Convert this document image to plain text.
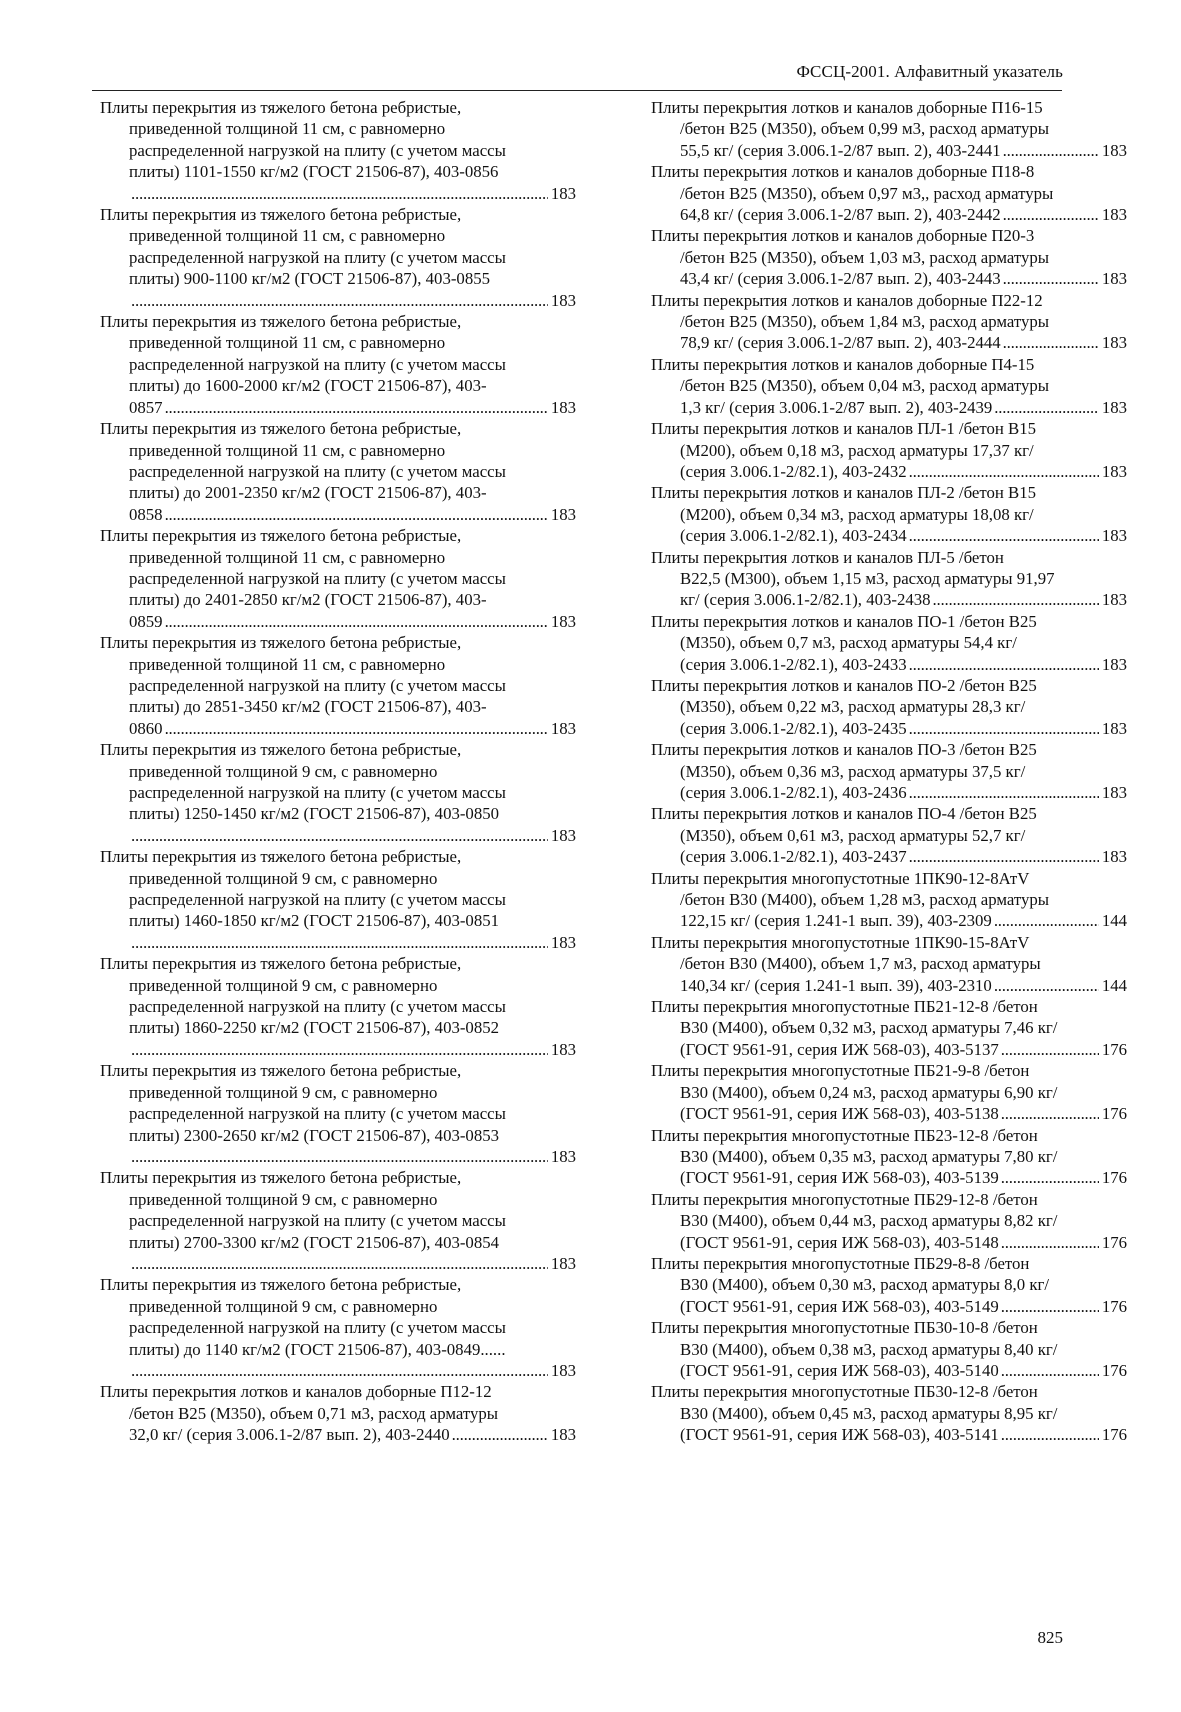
ФССЦ-2001. Алфавитный указатель
Плиты перекрытия из тяжелого бетона ребристые,
приведенной толщиной 11 см, с равномерно
распределенной нагрузкой на плиту (с учетом массы
плиты) 1101-1550 кг/м2 (ГОСТ 21506-87), 403-0856
. . .
183
Плиты перекрытия из тяжелого бетона ребристые,
приведенной толщиной 11 см, с равномерно
распределенной нагрузкой на плиту (с учетом массы
плиты) 900-1100 кг/м2 (ГОСТ 21506-87), 403-0855
. . .
183
Плиты перекрытия из тяжелого бетона ребристые,
приведенной толщиной 11 см, с равномерно
распределенной нагрузкой на плиту (с учетом массы
плиты) до 1600-2000 кг/м2 (ГОСТ 21506-87), 403-
0857 . . .	183
Плиты перекрытия из тяжелого бетона ребристые,
приведенной толщиной 11 см, с равномерно
распределенной нагрузкой на плиту (с учетом массы
плиты) до 2001-2350 кг/м2 (ГОСТ 21506-87), 403-
0858 . . .	183
Плиты перекрытия из тяжелого бетона ребристые,
приведенной толщиной 11 см, с равномерно
распределенной нагрузкой на плиту (с учетом массы
плиты) до 2401-2850 кг/м2 (ГОСТ 21506-87), 403-
0859 . . .	183
Плиты перекрытия из тяжелого бетона ребристые,
приведенной толщиной 11 см, с равномерно
распределенной нагрузкой на плиту (с учетом массы
плиты) до 2851-3450 кг/м2 (ГОСТ 21506-87), 403-
0860 . . .	183
Плиты перекрытия из тяжелого бетона ребристые,
приведенной толщиной 9 см, с равномерно
распределенной нагрузкой на плиту (с учетом массы
плиты) 1250-1450 кг/м2 (ГОСТ 21506-87), 403-0850
. . .
183
Плиты перекрытия из тяжелого бетона ребристые,
приведенной толщиной 9 см, с равномерно
распределенной нагрузкой на плиту (с учетом массы
плиты) 1460-1850 кг/м2 (ГОСТ 21506-87), 403-0851
. . .
183
Плиты перекрытия из тяжелого бетона ребристые,
приведенной толщиной 9 см, с равномерно
распределенной нагрузкой на плиту (с учетом массы
плиты) 1860-2250 кг/м2 (ГОСТ 21506-87), 403-0852
. . .
183
Плиты перекрытия из тяжелого бетона ребристые,
приведенной толщиной 9 см, с равномерно
распределенной нагрузкой на плиту (с учетом массы
плиты) 2300-2650 кг/м2 (ГОСТ 21506-87), 403-0853
. . .
183
Плиты перекрытия из тяжелого бетона ребристые,
приведенной толщиной 9 см, с равномерно
распределенной нагрузкой на плиту (с учетом массы
плиты) 2700-3300 кг/м2 (ГОСТ 21506-87), 403-0854
. . .
183
Плиты перекрытия из тяжелого бетона ребристые,
приведенной толщиной 9 см, с равномерно
распределенной нагрузкой на плиту (с учетом массы
плиты) до 1140 кг/м2 (ГОСТ 21506-87), 403-0849......
. . .
183
Плиты перекрытия лотков и каналов доборные П12-12
/бетон В25 (М350), объем 0,71 м3, расход арматуры
32,0 кг/ (серия 3.006.1-2/87 вып. 2), 403-2440 . . .	183
Плиты перекрытия лотков и каналов доборные П16-15
/бетон В25 (М350), объем 0,99 м3, расход арматуры
55,5 кг/ (серия 3.006.1-2/87 вып. 2), 403-2441 . . .	183
Плиты перекрытия лотков и каналов доборные П18-8
/бетон В25 (М350), объем 0,97 м3,, расход арматуры
64,8 кг/ (серия 3.006.1-2/87 вып. 2), 403-2442 . . .	183
Плиты перекрытия лотков и каналов доборные П20-3
/бетон В25 (М350), объем 1,03 м3, расход арматуры
43,4 кг/ (серия 3.006.1-2/87 вып. 2), 403-2443 . . .	183
Плиты перекрытия лотков и каналов доборные П22-12
/бетон В25 (М350), объем 1,84 м3, расход арматуры
78,9 кг/ (серия 3.006.1-2/87 вып. 2), 403-2444 . . .	183
Плиты перекрытия лотков и каналов доборные П4-15
/бетон В25 (М350), объем 0,04 м3, расход арматуры
1,3 кг/ (серия 3.006.1-2/87 вып. 2), 403-2439 . . .	183
Плиты перекрытия лотков и каналов ПЛ-1 /бетон В15
(М200), объем 0,18 м3, расход арматуры 17,37 кг/
(серия 3.006.1-2/82.1), 403-2432 . . .	183
Плиты перекрытия лотков и каналов ПЛ-2 /бетон В15
(М200), объем 0,34 м3, расход арматуры 18,08 кг/
(серия 3.006.1-2/82.1), 403-2434 . . .	183
Плиты перекрытия лотков и каналов ПЛ-5 /бетон
В22,5 (М300), объем 1,15 м3, расход арматуры 91,97
кг/ (серия 3.006.1-2/82.1), 403-2438 . . .	183
Плиты перекрытия лотков и каналов ПО-1 /бетон В25
(М350), объем 0,7 м3, расход арматуры 54,4 кг/
(серия 3.006.1-2/82.1), 403-2433 . . .	183
Плиты перекрытия лотков и каналов ПО-2 /бетон В25
(М350), объем 0,22 м3, расход арматуры 28,3 кг/
(серия 3.006.1-2/82.1), 403-2435 . . .	183
Плиты перекрытия лотков и каналов ПО-3 /бетон В25
(М350), объем 0,36 м3, расход арматуры 37,5 кг/
(серия 3.006.1-2/82.1), 403-2436 . . .	183
Плиты перекрытия лотков и каналов ПО-4 /бетон В25
(М350), объем 0,61 м3, расход арматуры 52,7 кг/
(серия 3.006.1-2/82.1), 403-2437 . . .	183
Плиты перекрытия многопустотные 1ПК90-12-8АтV
/бетон В30 (М400), объем 1,28 м3, расход арматуры
122,15 кг/ (серия 1.241-1 вып. 39), 403-2309 . . .	144
Плиты перекрытия многопустотные 1ПК90-15-8АтV
/бетон В30 (М400), объем 1,7 м3, расход арматуры
140,34 кг/ (серия 1.241-1 вып. 39), 403-2310 . . .	144
Плиты перекрытия многопустотные ПБ21-12-8 /бетон
В30 (М400), объем 0,32 м3, расход арматуры 7,46 кг/
(ГОСТ 9561-91, серия ИЖ 568-03), 403-5137 . . .	176
Плиты перекрытия многопустотные ПБ21-9-8 /бетон
В30 (М400), объем 0,24 м3, расход арматуры 6,90 кг/
(ГОСТ 9561-91, серия ИЖ 568-03), 403-5138 . . .	176
Плиты перекрытия многопустотные ПБ23-12-8 /бетон
В30 (М400), объем 0,35 м3, расход арматуры 7,80 кг/
(ГОСТ 9561-91, серия ИЖ 568-03), 403-5139 . . .	176
Плиты перекрытия многопустотные ПБ29-12-8 /бетон
В30 (М400), объем 0,44 м3, расход арматуры 8,82 кг/
(ГОСТ 9561-91, серия ИЖ 568-03), 403-5148 . . .	176
Плиты перекрытия многопустотные ПБ29-8-8 /бетон
В30 (М400), объем 0,30 м3, расход арматуры 8,0 кг/
(ГОСТ 9561-91, серия ИЖ 568-03), 403-5149 . . .	176
Плиты перекрытия многопустотные ПБ30-10-8 /бетон
В30 (М400), объем 0,38 м3, расход арматуры 8,40 кг/
(ГОСТ 9561-91, серия ИЖ 568-03), 403-5140 . . .	176
Плиты перекрытия многопустотные ПБ30-12-8 /бетон
В30 (М400), объем 0,45 м3, расход арматуры 8,95 кг/
(ГОСТ 9561-91, серия ИЖ 568-03), 403-5141 . . .	176
825
